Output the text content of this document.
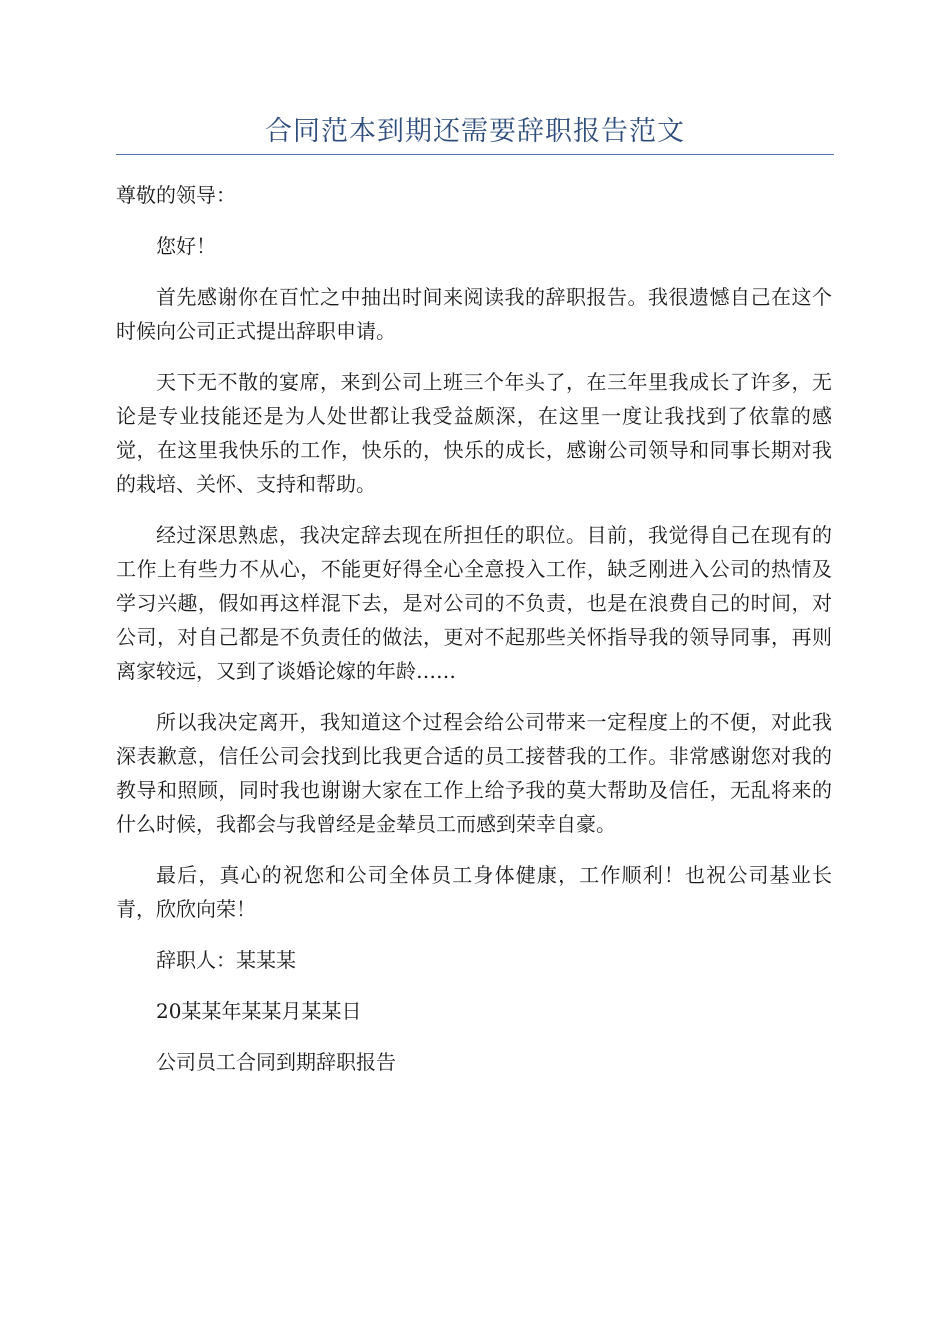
合同范本到期还需要辞职报告范文

尊敬的领导：

您好！

首先感谢你在百忙之中抽出时间来阅读我的辞职报告。我很遗憾自己在这个时候向公司正式提出辞职申请。

天下无不散的宴席，来到公司上班三个年头了，在三年里我成长了许多，无论是专业技能还是为人处世都让我受益颇深，在这里一度让我找到了依靠的感觉，在这里我快乐的工作，快乐的，快乐的成长，感谢公司领导和同事长期对我的栽培、关怀、支持和帮助。

经过深思熟虑，我决定辞去现在所担任的职位。目前，我觉得自己在现有的工作上有些力不从心，不能更好得全心全意投入工作，缺乏刚进入公司的热情及学习兴趣，假如再这样混下去，是对公司的不负责，也是在浪费自己的时间，对公司，对自己都是不负责任的做法，更对不起那些关怀指导我的领导同事，再则离家较远，又到了谈婚论嫁的年龄……

所以我决定离开，我知道这个过程会给公司带来一定程度上的不便，对此我深表歉意，信任公司会找到比我更合适的员工接替我的工作。非常感谢您对我的教导和照顾，同时我也谢谢大家在工作上给予我的莫大帮助及信任，无乱将来的什么时候，我都会与我曾经是金辇员工而感到荣幸自豪。

最后，真心的祝您和公司全体员工身体健康，工作顺利！也祝公司基业长青，欣欣向荣！

辞职人：某某某

20某某年某某月某某日

公司员工合同到期辞职报告
